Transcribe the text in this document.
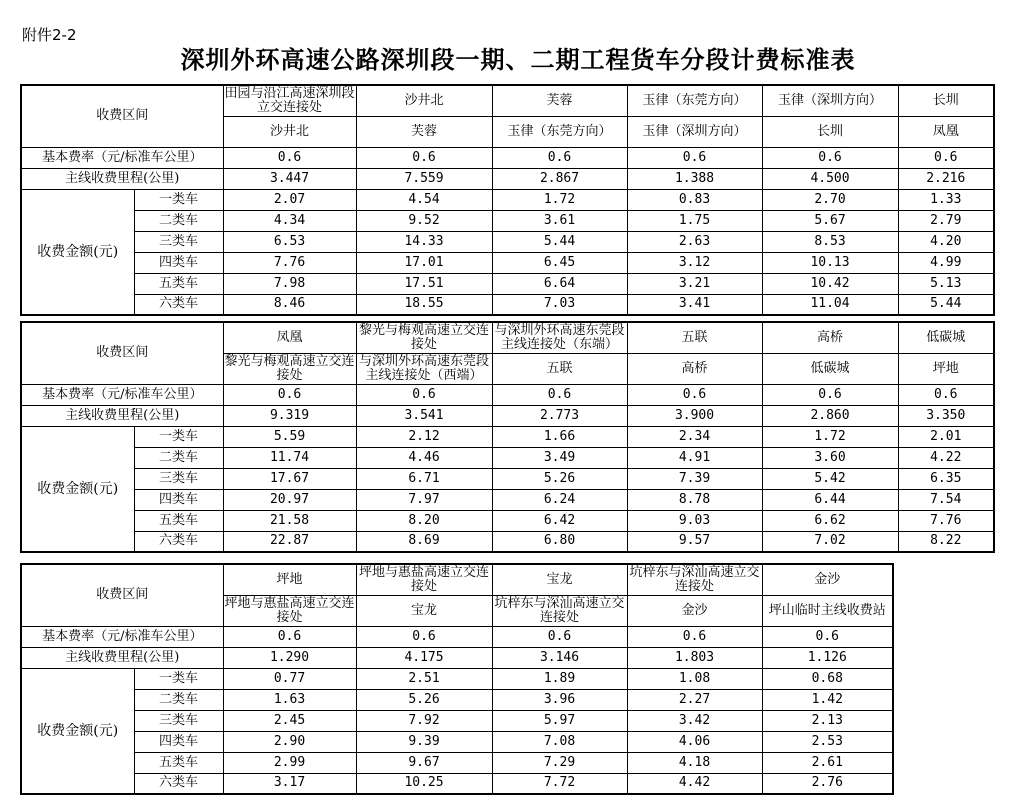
附件2-2
深圳外环高速公路深圳段一期、二期工程货车分段计费标准表
收费区间		田园与沿江高速深圳段立交连接处	沙井北	芙蓉	玉律（东莞方向）	玉律（深圳方向）	长圳
		沙井北	芙蓉	玉律（东莞方向）	玉律（深圳方向）	长圳	凤凰
基本费率（元/标准车公里）		0.6	0.6	0.6	0.6	0.6	0.6
主线收费里程(公里)		3.447	7.559	2.867	1.388	4.500	2.216
收费金额(元)	一类车	2.07	4.54	1.72	0.83	2.70	1.33
	二类车	4.34	9.52	3.61	1.75	5.67	2.79
	三类车	6.53	14.33	5.44	2.63	8.53	4.20
	四类车	7.76	17.01	6.45	3.12	10.13	4.99
	五类车	7.98	17.51	6.64	3.21	10.42	5.13
	六类车	8.46	18.55	7.03	3.41	11.04	5.44
收费区间		凤凰	黎光与梅观高速立交连接处	与深圳外环高速东莞段主线连接处（东端）	五联	高桥	低碳城
		黎光与梅观高速立交连接处	与深圳外环高速东莞段主线连接处（西端）	五联	高桥	低碳城	坪地
基本费率（元/标准车公里）		0.6	0.6	0.6	0.6	0.6	0.6
主线收费里程(公里)		9.319	3.541	2.773	3.900	2.860	3.350
收费金额(元)	一类车	5.59	2.12	1.66	2.34	1.72	2.01
	二类车	11.74	4.46	3.49	4.91	3.60	4.22
	三类车	17.67	6.71	5.26	7.39	5.42	6.35
	四类车	20.97	7.97	6.24	8.78	6.44	7.54
	五类车	21.58	8.20	6.42	9.03	6.62	7.76
	六类车	22.87	8.69	6.80	9.57	7.02	8.22
收费区间		坪地	坪地与惠盐高速立交连接处	宝龙	坑梓东与深汕高速立交连接处	金沙
		坪地与惠盐高速立交连接处	宝龙	坑梓东与深汕高速立交连接处	金沙	坪山临时主线收费站
基本费率（元/标准车公里）		0.6	0.6	0.6	0.6	0.6
主线收费里程(公里)		1.290	4.175	3.146	1.803	1.126
收费金额(元)	一类车	0.77	2.51	1.89	1.08	0.68
	二类车	1.63	5.26	3.96	2.27	1.42
	三类车	2.45	7.92	5.97	3.42	2.13
	四类车	2.90	9.39	7.08	4.06	2.53
	五类车	2.99	9.67	7.29	4.18	2.61
	六类车	3.17	10.25	7.72	4.42	2.76
